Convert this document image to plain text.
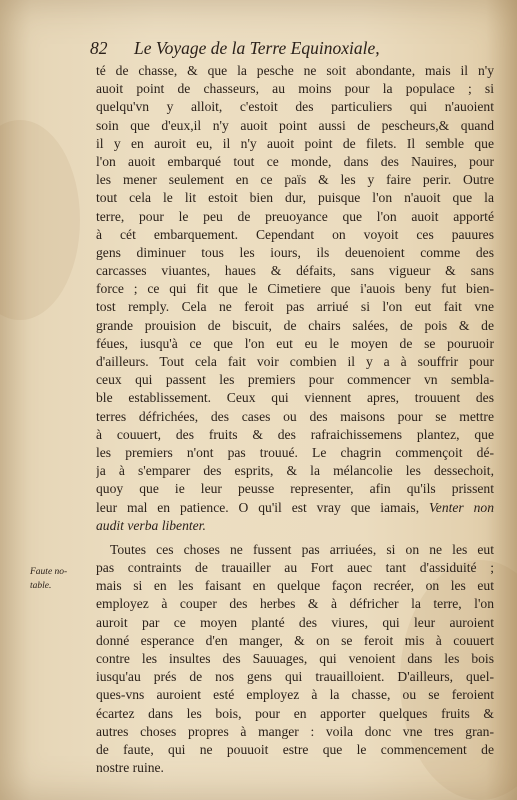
82 Le Voyage de la Terre Equinoxiale,
Faute no-
table.
té de chasse, & que la pesche ne soit abondante, mais il n'y
auoit point de chasseurs, au moins pour la populace ; si
quelqu'vn y alloit, c'estoit des particuliers qui n'auoient
soin que d'eux,il n'y auoit point aussi de pescheurs,& quand
il y en auroit eu, il n'y auoit point de filets. Il semble que
l'on auoit embarqué tout ce monde, dans des Nauires, pour
les mener seulement en ce païs & les y faire perir. Outre
tout cela le lit estoit bien dur, puisque l'on n'auoit que la
terre, pour le peu de preuoyance que l'on auoit apporté
à cét embarquement. Cependant on voyoit ces pauures
gens diminuer tous les iours, ils deuenoient comme des
carcasses viuantes, haues & défaits, sans vigueur & sans
force ; ce qui fit que le Cimetiere que i'auois beny fut bien-
tost remply. Cela ne feroit pas arriué si l'on eut fait vne
grande prouision de biscuit, de chairs salées, de pois & de
féues, iusqu'à ce que l'on eut eu le moyen de se pouruoir
d'ailleurs. Tout cela fait voir combien il y a à souffrir pour
ceux qui passent les premiers pour commencer vn sembla-
ble establissement. Ceux qui viennent apres, trouuent des
terres défrichées, des cases ou des maisons pour se mettre
à couuert, des fruits & des rafraichissemens plantez, que
les premiers n'ont pas trouué. Le chagrin commençoit dé-
ja à s'emparer des esprits, & la mélancolie les dessechoit,
quoy que ie leur peusse representer, afin qu'ils prissent
leur mal en patience. O qu'il est vray que iamais, Venter non
audit verba libenter.
Toutes ces choses ne fussent pas arriuées, si on ne les eut
pas contraints de trauailler au Fort auec tant d'assiduité ;
mais si en les faisant en quelque façon recréer, on les eut
employez à couper des herbes & à défricher la terre, l'on
auroit par ce moyen planté des viures, qui leur auroient
donné esperance d'en manger, & on se feroit mis à couuert
contre les insultes des Sauuages, qui venoient dans les bois
iusqu'au prés de nos gens qui trauailloient. D'ailleurs, quel-
ques-vns auroient esté employez à la chasse, ou se feroient
écartez dans les bois, pour en apporter quelques fruits &
autres choses propres à manger : voila donc vne tres gran-
de faute, qui ne pouuoit estre que le commencement de
nostre ruine.
